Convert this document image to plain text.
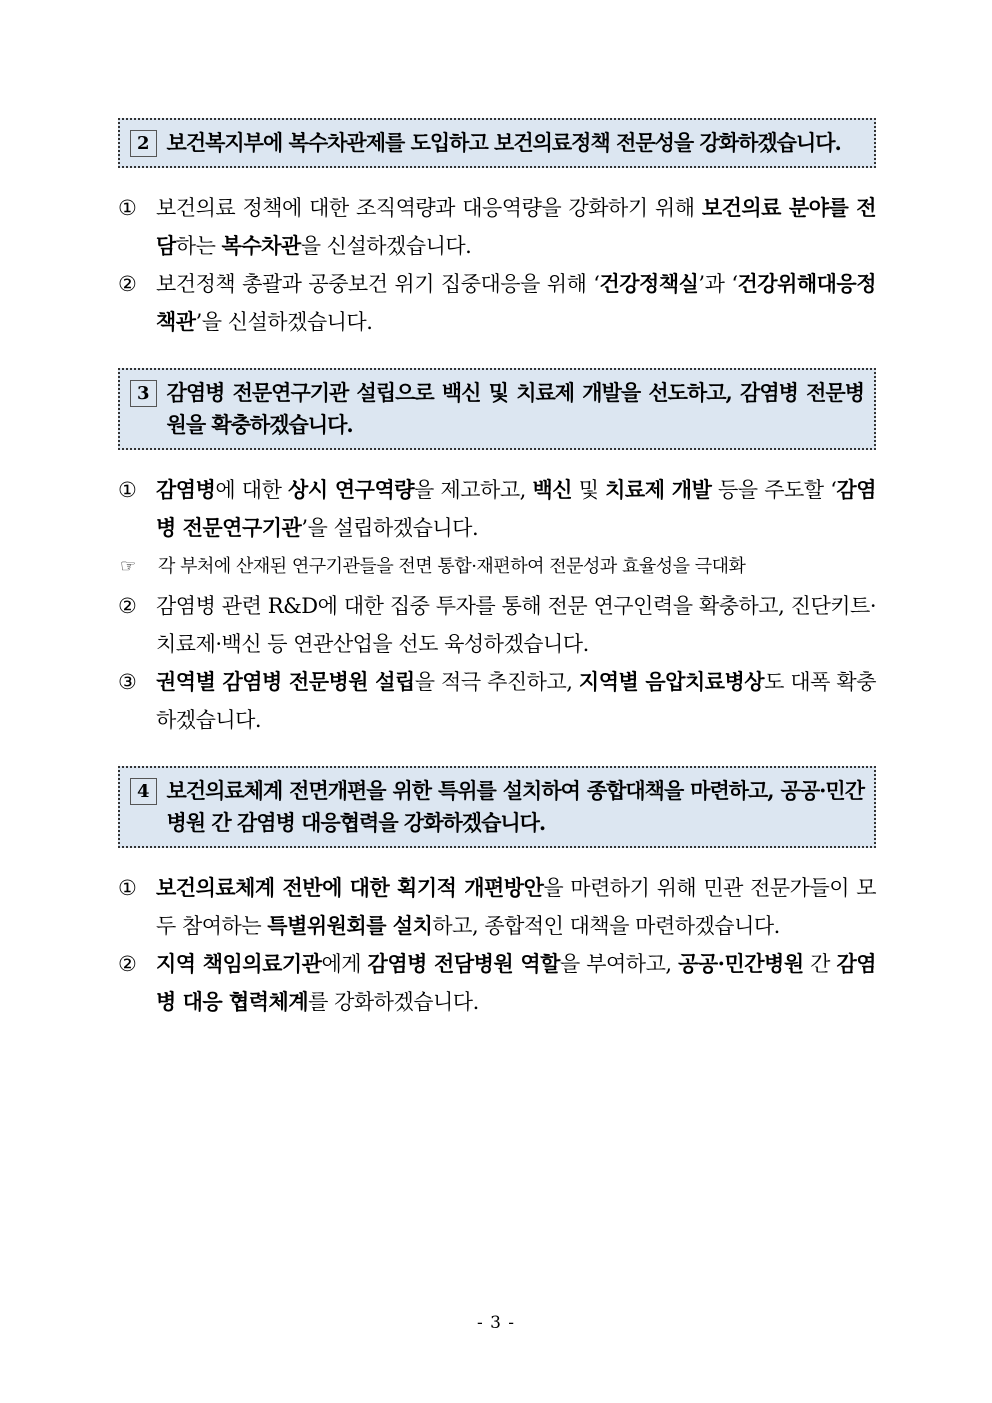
2 보건복지부에 복수차관제를 도입하고 보건의료정책 전문성을 강화하겠습니다.
① 보건의료 정책에 대한 조직역량과 대응역량을 강화하기 위해 보건의료 분야를 전담하는 복수차관을 신설하겠습니다.
② 보건정책 총괄과 공중보건 위기 집중대응을 위해 ‘건강정책실’과 ‘건강위해대응정책관’을 신설하겠습니다.
3 감염병 전문연구기관 설립으로 백신 및 치료제 개발을 선도하고, 감염병 전문병원을 확충하겠습니다.
① 감염병에 대한 상시 연구역량을 제고하고, 백신 및 치료제 개발 등을 주도할 ‘감염병 전문연구기관’을 설립하겠습니다.
☞	각 부처에 산재된 연구기관들을 전면 통합·재편하여 전문성과 효율성을 극대화
② 감염병 관련 R&D에 대한 집중 투자를 통해 전문 연구인력을 확충하고, 진단키트·치료제·백신 등 연관산업을 선도 육성하겠습니다.
③ 권역별 감염병 전문병원 설립을 적극 추진하고, 지역별 음압치료병상도 대폭 확충하겠습니다.
4 보건의료체계 전면개편을 위한 특위를 설치하여 종합대책을 마련하고, 공공·민간병원 간 감염병 대응협력을 강화하겠습니다.
① 보건의료체계 전반에 대한 획기적 개편방안을 마련하기 위해 민관 전문가들이 모두 참여하는 특별위원회를 설치하고, 종합적인 대책을 마련하겠습니다.
② 지역 책임의료기관에게 감염병 전담병원 역할을 부여하고, 공공·민간병원 간 감염병 대응 협력체계를 강화하겠습니다.
- 3 -
